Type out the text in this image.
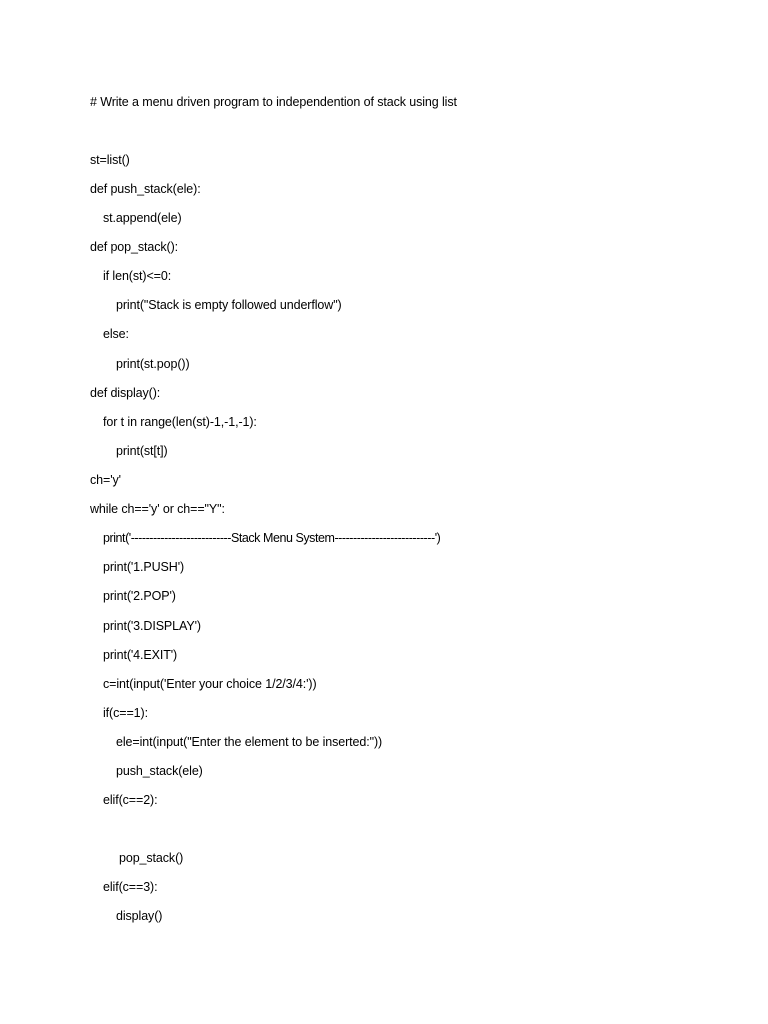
# Write a menu driven program to independention of stack using list
st=list()
def push_stack(ele):
st.append(ele)
def pop_stack():
if len(st)<=0:
print("Stack is empty followed underflow")
else:
print(st.pop())
def display():
for t in range(len(st)-1,-1,-1):
print(st[t])
ch='y'
while ch=='y' or ch=="Y":
print('---------------------------Stack Menu System---------------------------')
print('1.PUSH')
print('2.POP')
print('3.DISPLAY')
print('4.EXIT')
c=int(input('Enter your choice 1/2/3/4:'))
if(c==1):
ele=int(input("Enter the element to be inserted:"))
push_stack(ele)
elif(c==2):
pop_stack()
elif(c==3):
display()
